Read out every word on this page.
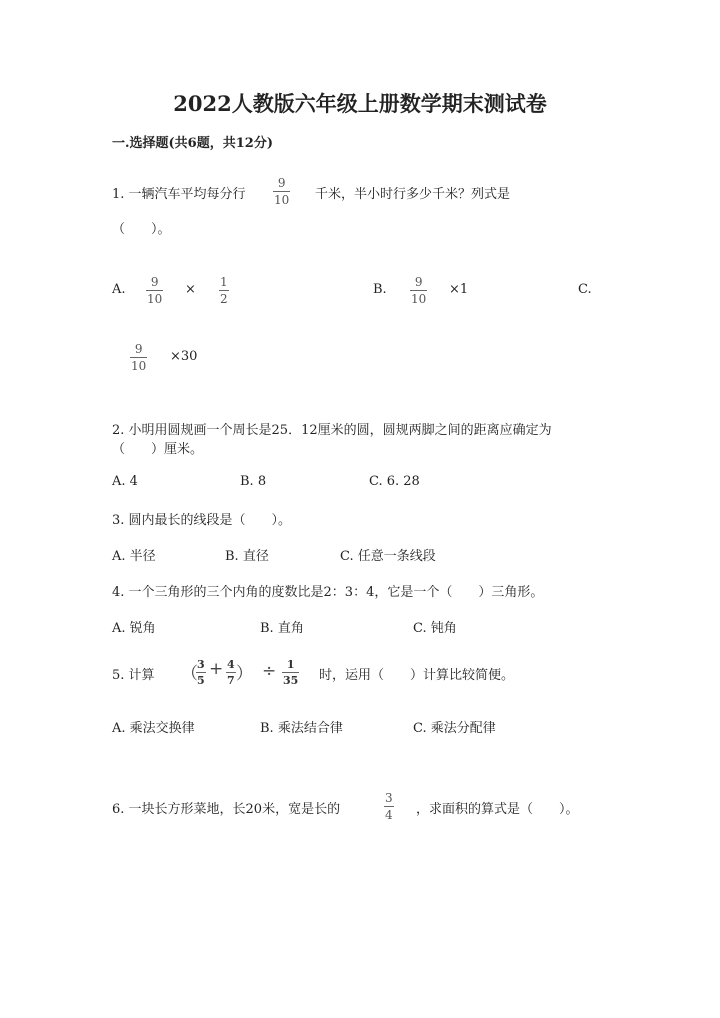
2022人教版六年级上册数学期末测试卷
一.选择题(共6题，共12分)
1. 一辆汽车平均每分行 $\frac{9}{10}$ 千米，半小时行多少千米？列式是
（　　）。
A. $\frac{9}{10} \times \frac{1}{2}$	B. $\frac{9}{10} \times 1$	C.
$\frac{9}{10} \times 30$
2. 小明用圆规画一个周长是25．12厘米的圆，圆规两脚之间的距离应确定为
（　　）厘米。
A. 4	B. 8	C. 6. 28
3. 圆内最长的线段是（　　）。
A. 半径	B. 直径	C. 任意一条线段
4. 一个三角形的三个内角的度数比是2：3：4，它是一个（　　）三角形。
A. 锐角	B. 直角	C. 钝角
5. 计算 （
$\frac{3}{5} + \frac{4}{7}$ ） ÷ $\frac{1}{35}$ 时，运用（　　）计算比较简便。
A. 乘法交换律	B. 乘法结合律	C. 乘法分配律
6. 一块长方形菜地，长20米，宽是长的	$\frac{3}{4}$ ，求面积的算式是（　　）。
